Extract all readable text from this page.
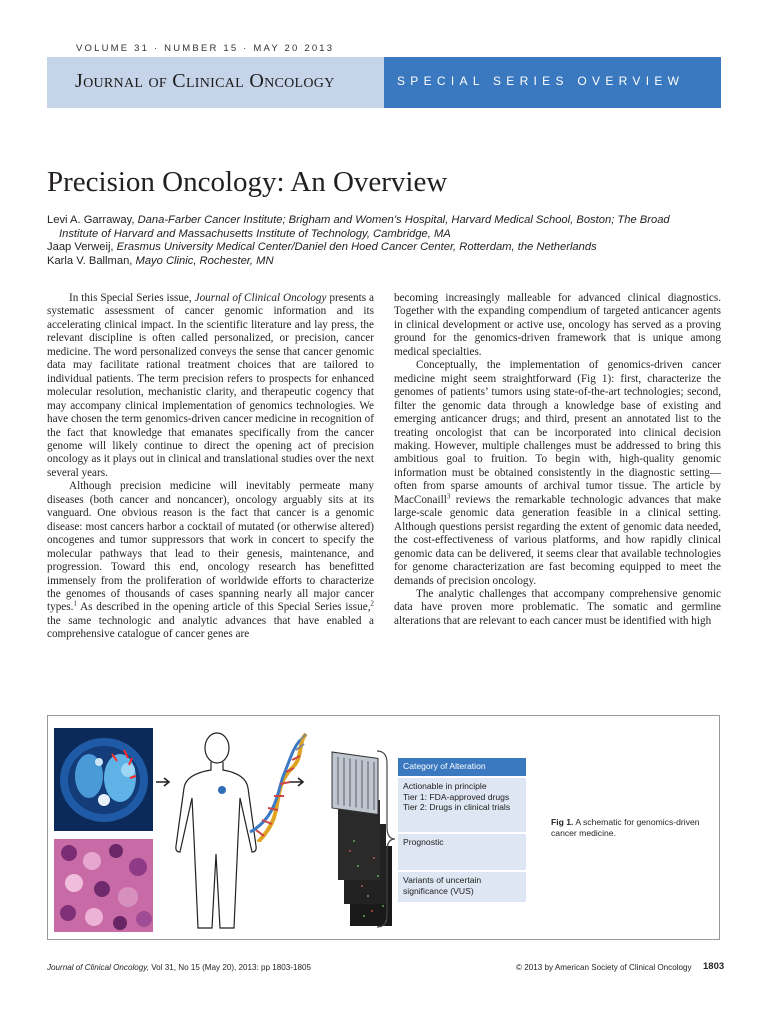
VOLUME 31 · NUMBER 15 · MAY 20 2013
Journal of Clinical Oncology	SPECIAL SERIES OVERVIEW
Precision Oncology: An Overview
Levi A. Garraway, Dana-Farber Cancer Institute; Brigham and Women’s Hospital, Harvard Medical School, Boston; The Broad
Institute of Harvard and Massachusetts Institute of Technology, Cambridge, MA
Jaap Verweij, Erasmus University Medical Center/Daniel den Hoed Cancer Center, Rotterdam, the Netherlands
Karla V. Ballman, Mayo Clinic, Rochester, MN

In this Special Series issue, Journal of Clinical Oncology presents a systematic assessment of cancer genomic information and its accelerating clinical impact. In the scientific literature and lay press, the relevant discipline is often called personalized, or precision, cancer medicine. The word personalized conveys the sense that cancer genomic data may facilitate rational treatment choices that are tailored to individual patients. The term precision refers to prospects for enhanced molecular resolution, mechanistic clarity, and therapeutic cogency that may accompany clinical implementation of genomics technologies. We have chosen the term genomics-driven cancer medicine in recognition of the fact that knowledge that emanates specifically from the cancer genome will likely continue to direct the opening act of precision oncology as it plays out in clinical and translational studies over the next several years.

Although precision medicine will inevitably permeate many diseases (both cancer and noncancer), oncology arguably sits at its vanguard. One obvious reason is the fact that cancer is a genomic disease: most cancers harbor a cocktail of mutated (or otherwise altered) oncogenes and tumor suppressors that work in concert to specify the molecular pathways that lead to their genesis, maintenance, and progression. Toward this end, oncology research has benefitted immensely from the proliferation of worldwide efforts to characterize the genomes of thousands of cases spanning nearly all major cancer types.$^1$ As described in the opening article of this Special Series issue,$^2$ the same technologic and analytic advances that have enabled a comprehensive catalogue of cancer genes are

becoming increasingly malleable for advanced clinical diagnostics. Together with the expanding compendium of targeted anticancer agents in clinical development or active use, oncology has served as a proving ground for the genomics-driven framework that is unique among medical specialties.

Conceptually, the implementation of genomics-driven cancer medicine might seem straightforward (Fig 1): first, characterize the genomes of patients’ tumors using state-of-the-art technologies; second, filter the genomic data through a knowledge base of existing and emerging anticancer drugs; and third, present an annotated list to the treating oncologist that can be incorporated into clinical decision making. However, multiple challenges must be addressed to bring this ambitious goal to fruition. To begin with, high-quality genomic information must be obtained consistently in the diagnostic setting—often from sparse amounts of archival tumor tissue. The article by MacConaill$^3$ reviews the remarkable technologic advances that make large-scale genomic data generation feasible in a clinical setting. Although questions persist regarding the extent of genomic data needed, the cost-effectiveness of various platforms, and how rapidly clinical genomic data can be delivered, it seems clear that available technologies for genome characterization are fast becoming equipped to meet the demands of precision oncology.

The analytic challenges that accompany comprehensive genomic data have proven more problematic. The somatic and germline alterations that are relevant to each cancer must be identified with high

Category of Alteration
Actionable in principle
Tier 1: FDA-approved drugs
Tier 2: Drugs in clinical trials
Prognostic
Variants of uncertain
significance (VUS)
Fig 1. A schematic for genomics-driven cancer medicine.
Journal of Clinical Oncology, Vol 31, No 15 (May 20), 2013: pp 1803-1805	© 2013 by American Society of Clinical Oncology 1803
